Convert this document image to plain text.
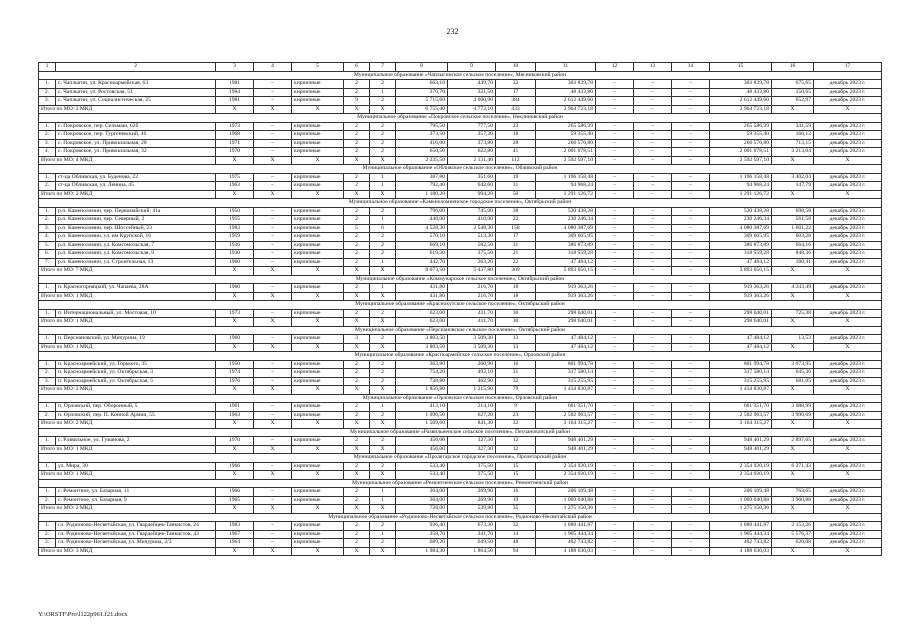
232
1	2	3	4	5	6	7	8	9	10	11	12	13	14	15	16	17
Муниципальное образование «Чаплыгинское сельское поселение», Мясниковский район																
1.	с. Чаплыгин, ул. Красноармейская, 63	1981	–	кирпичные	2	2	663,10	449,70	32	303 839,78	–	–	–	303 839,78	675,65	декабрь 2023 г.
2.	с. Чаплыгин, ул. Ростовская, 51	1984	–	кирпичные	2	1	376,70	321,50	17	48 433,80	–	–	–	48 433,80	150,65	декабрь 2023 г.
3.	с. Чаплыгин, ул. Социалистическая, 25	1981	–	кирпичные	9	2	5 715,60	4 000,90	384	2 612 449,60	–	–	–	2 612 449,60	652,97	декабрь 2023 г.
Итого по МО: 3 МКД		Х	Х	Х	Х	Х	6 755,40	4 772,10	433	2 964 723,18	–	–	–	2 964 723,18	Х	Х
Муниципальное образование «Покровское сельское поселение», Неклиновский район																
1.	с. Покровское, пер. Сельмаш, 62б	1973	–	кирпичные	2	2	795,50	777,50	23	265 586,39	–	–	–	265 586,39	341,59	декабрь 2023 г.
2.	с. Покровское, пер. Тургеневский, 46	1968	–	кирпичные	2	2	373,50	357,30	18	59 355,40	–	–	–	59 355,40	166,12	декабрь 2023 г.
3.	с. Покровское, ул. Привокзальная, 28	1971	–	кирпичные	2	2	416,00	373,80	28	266 576,80	–	–	–	266 576,80	713,15	декабрь 2023 г.
4.	с. Покровское, ул. Привокзальная, 32	1970	–	кирпичные	2	2	650,50	622,80	41	2 001 078,51	–	–	–	2 001 078,51	3 213,04	декабрь 2023 г.
Итого по МО: 4 МКД		Х	Х	Х	Х	Х	2 235,50	2 131,40	112	2 592 597,10	–	–	–	2 592 597,10	Х	Х
Муниципальное образование «Обливское сельское поселение», Обливский район																
1.	ст-ца Обливская, ул. Буденова, 22	1975	–	кирпичные	2	1	387,80	351,60	19	1 196 158,48	–	–	–	1 196 158,48	3 402,04	декабрь 2023 г.
2.	ст-ца Обливская, ул. Ленина, 45	1963	–	кирпичные	2	1	792,40	642,60	31	94 968,24	–	–	–	94 968,24	147,79	декабрь 2023 г.
Итого по МО: 2 МКД		Х	Х	Х	Х	Х	1 180,20	994,20	50	1 291 126,72	–	–	–	1 291 126,72	Х	Х
Муниципальное образование «Каменоломненское городское поселение», Октябрьский район																
1.	р.п. Каменоломни, пер. Первомайский, 41а	1950	–	кирпичные	2	2	796,00	745,00	38	520 438,28	–	–	–	520 438,28	698,58	декабрь 2023 г.
2.	р.п. Каменоломни, пер. Северный, 2	1955	–	кирпичные	2	1	448,00	410,00	22	230 246,34	–	–	–	230 246,34	561,58	декабрь 2023 г.
3.	р.п. Каменоломни, пер. Шоссейный, 23	1983	–	кирпичные	5	6	4 528,30	2 548,30	158	4 080 387,69	–	–	–	4 080 387,69	1 601,22	декабрь 2023 г.
4.	р.п. Каменоломни, ул. им Крупской, 16	1959	–	кирпичные	2	2	570,10	513,30	17	309 665,95	–	–	–	309 665,95	603,28	декабрь 2023 г.
5.	р.п. Каменоломни, ул. Комсомольская, 7	1936	–	кирпичные	2	2	669,10	582,50	31	386 873,89	–	–	–	386 873,89	664,16	декабрь 2023 г.
6.	р.п. Каменоломни, ул. Комсомольская, 9	1930	–	кирпичные	2	2	619,30	375,50	21	318 559,28	–	–	–	318 559,28	848,36	декабрь 2023 г.
7.	р.п. Каменоломни, ул. Строительная, 13	1960	–	кирпичные	2	1	442,70	263,20	22	47 484,12	–	–	–	47 484,12	180,41	декабрь 2023 г.
Итого по МО: 7 МКД		Х	Х	Х	Х	Х	8 073,50	5 437,80	309	5 893 656,15	–	–	–	3 893 656,15	Х	Х
Муниципальное образование «Коммунарское сельское поселение», Октябрьский район																
1.	п. Красногорняцкий, ул. Чапаева, 28А	1960	–	кирпичные	2	1	431,80	216,70	18	919 363,26	–	–	–	919 363,26	4 243,49	декабрь 2023 г.
Итого по МО: 1 МКД		Х	Х	Х	Х	Х	431,80	216,70	18	919 363,26	–	–	–	919 363,26	Х	Х
Муниципальное образование «Краснокутское сельское поселение», Октябрьский район																
1.	п. Интернациональный, ул. Мостовая, 10	1973	–	кирпичные	2	2	623,00	411,70	30	298 640,01	–	–	–	298 640,01	725,38	декабрь 2023 г.
Итого по МО: 1 МКД		Х	Х	Х	Х	Х	623,00	411,70	30	298 640,01	–	–	–	298 640,01	Х	Х
Муниципальное образование «Персиановское сельское поселение», Октябрьский район																
1.	п. Персиановский, ул. Мичурина, 19	1960	–	кирпичные	3	2	3 803,50	3 509,30	13	47 484,12	–	–	–	47 484,12	13,53	декабрь 2023 г.
Итого по МО: 1 МКД		Х	Х	Х	Х	Х	3 803,50	3 509,30	13	47 484,12	–	–	–	47 484,12	Х	Х
Муниципальное образование «Красноармейское сельское поселение», Орловский район																
1.	п. Красноармейский, ул. Горького, 35	1950	–	кирпичные	2	2	363,80	260,90	16	801 994,78	–	–	–	801 994,78	3 073,95	декабрь 2023 г.
2.	п. Красноармейский, ул. Октябрьская, 3	1974	–	кирпичные	2	2	754,20	492,10	31	317 580,14	–	–	–	317 580,14	645,36	декабрь 2023 г.
3.	п. Красноармейский, ул. Октябрьская, 5	1976	–	кирпичные	2	2	738,80	462,90	32	315 255,95	–	–	–	315 255,95	681,05	декабрь 2023 г.
Итого по МО: 3 МКД		Х	Х	Х	Х	Х	1 856,80	1 215,90	79	1 434 830,87	–	–	–	1 434 830,87	Х	Х
Муниципальное образование «Орловское сельское поселение», Орловский район																
1.	п. Орловский, пер. Оборонный, 5	1961	–	кирпичные	2	1	413,10	214,10	9	661 351,70	–	–	–	661 351,70	3 088,99	декабрь 2023 г.
2.	п. Орловский, пер. П. Конной Армии, 55	1963	–	кирпичные	2	2	1 096,50	627,20	23	2 502 963,57	–	–	–	2 502 963,57	3 990,69	декабрь 2023 г.
Итого по МО: 2 МКД		Х	Х	Х	Х	Х	1 509,60	841,30	32	3 164 315,27	–	–	–	3 164 315,27	Х	Х
Муниципальное образование «Развильненское сельское поселение», Песчанокопский район																
1.	с. Развильное, ул. Гуманова, 2	1970	–	кирпичные	2	2	456,00	327,30	12	948 401,29	–	–	–	948 401,29	2 897,65	декабрь 2023 г.
Итого по МО: 1 МКД		Х	Х	Х	Х	Х	456,00	327,30	12	948 401,29	–	–	–	948 401,29	Х	Х
Муниципальное образование «Пролетарское городское поселение», Пролетарский район																
1.	ул. Мира, 30	1966	–	кирпичные	2	2	533,40	375,50	15	2 354 920,19	–	–	–	2 354 920,19	6 271,43	декабрь 2023 г.
Итого по МО: 1 МКД		Х	Х	Х	Х	Х	533,40	375,50	15	2 354 920,19	–	–	–	2 354 920,19	Х	Х
Муниципальное образование «Ремонтненское сельское поселение», Ремонтненский район																
1.	с. Ремонтное, ул. Базарная, 11	1966	–	кирпичные	2	1	364,00	269,90	16	206 109,48	–	–	–	206 109,48	763,65	декабрь 2023 г.
2.	с. Ремонтное, ул. Базарная, 9	1965	–	кирпичные	2	1	364,00	269,90	19	1 069 040,88	–	–	–	1 069 040,88	3 960,88	декабрь 2023 г.
Итого по МО: 2 МКД		Х	Х	Х	Х	Х	728,00	539,80	35	1 275 150,36	–	–	–	1 275 150,36	Х	Х
Муниципальное образование «Родионово-Несветайское сельское поселение», Родионово-Несветайский район																
1.	сл. Родионово-Несветайская, ул. Гвардейцев-Танкистов, 24	1983	–	кирпичные	2	2	936,40	673,30	32	1 880 441,87	–	–	–	1 880 441,87	2 153,26	декабрь 2023 г.
2.	сл. Родионово-Несветайская, ул. Гвардейцев-Танкистов, 43	1967	–	кирпичные	2	1	358,70	341,70	14	1 905 444,34	–	–	–	1 905 444,34	5 576,37	декабрь 2023 г.
3.	сл. Родионово-Несветайская, ул. Мичурина, 2/3	1964	–	кирпичные	2	2	689,20	649,50	48	402 743,82	–	–	–	402 743,82	620,08	декабрь 2023 г.
Итого по МО: 3 МКД		Х	Х	Х	Х	Х	1 984,30	1 864,50	94	4 188 630,03	–	–	–	4 188 630,03	Х	Х
Y:\ORSTF\Pro\l122p961.f21.docx
